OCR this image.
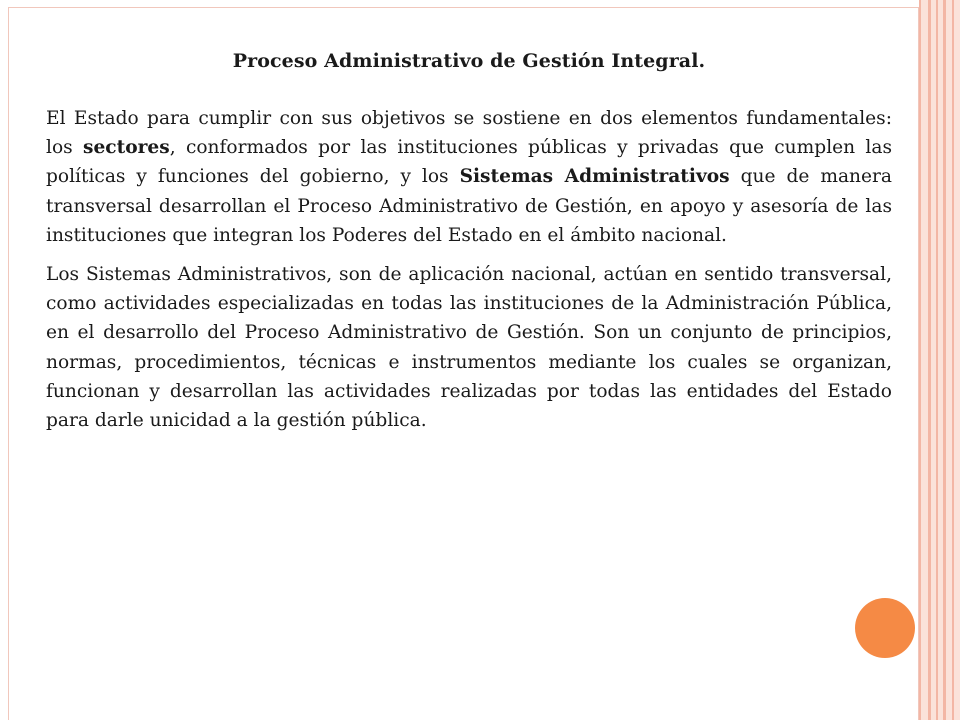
Proceso Administrativo de Gestión Integral.

El Estado para cumplir con sus objetivos se sostiene en dos elementos fundamentales: los sectores, conformados por las instituciones públicas y privadas que cumplen las políticas y funciones del gobierno, y los Sistemas Administrativos que de manera transversal desarrollan el Proceso Administrativo de Gestión, en apoyo y asesoría de las instituciones que integran los Poderes del Estado en el ámbito nacional.

Los Sistemas Administrativos, son de aplicación nacional, actúan en sentido transversal, como actividades especializadas en todas las instituciones de la Administración Pública, en el desarrollo del Proceso Administrativo de Gestión. Son un conjunto de principios, normas, procedimientos, técnicas e instrumentos mediante los cuales se organizan, funcionan y desarrollan las actividades realizadas por todas las entidades del Estado para darle unicidad a la gestión pública.
